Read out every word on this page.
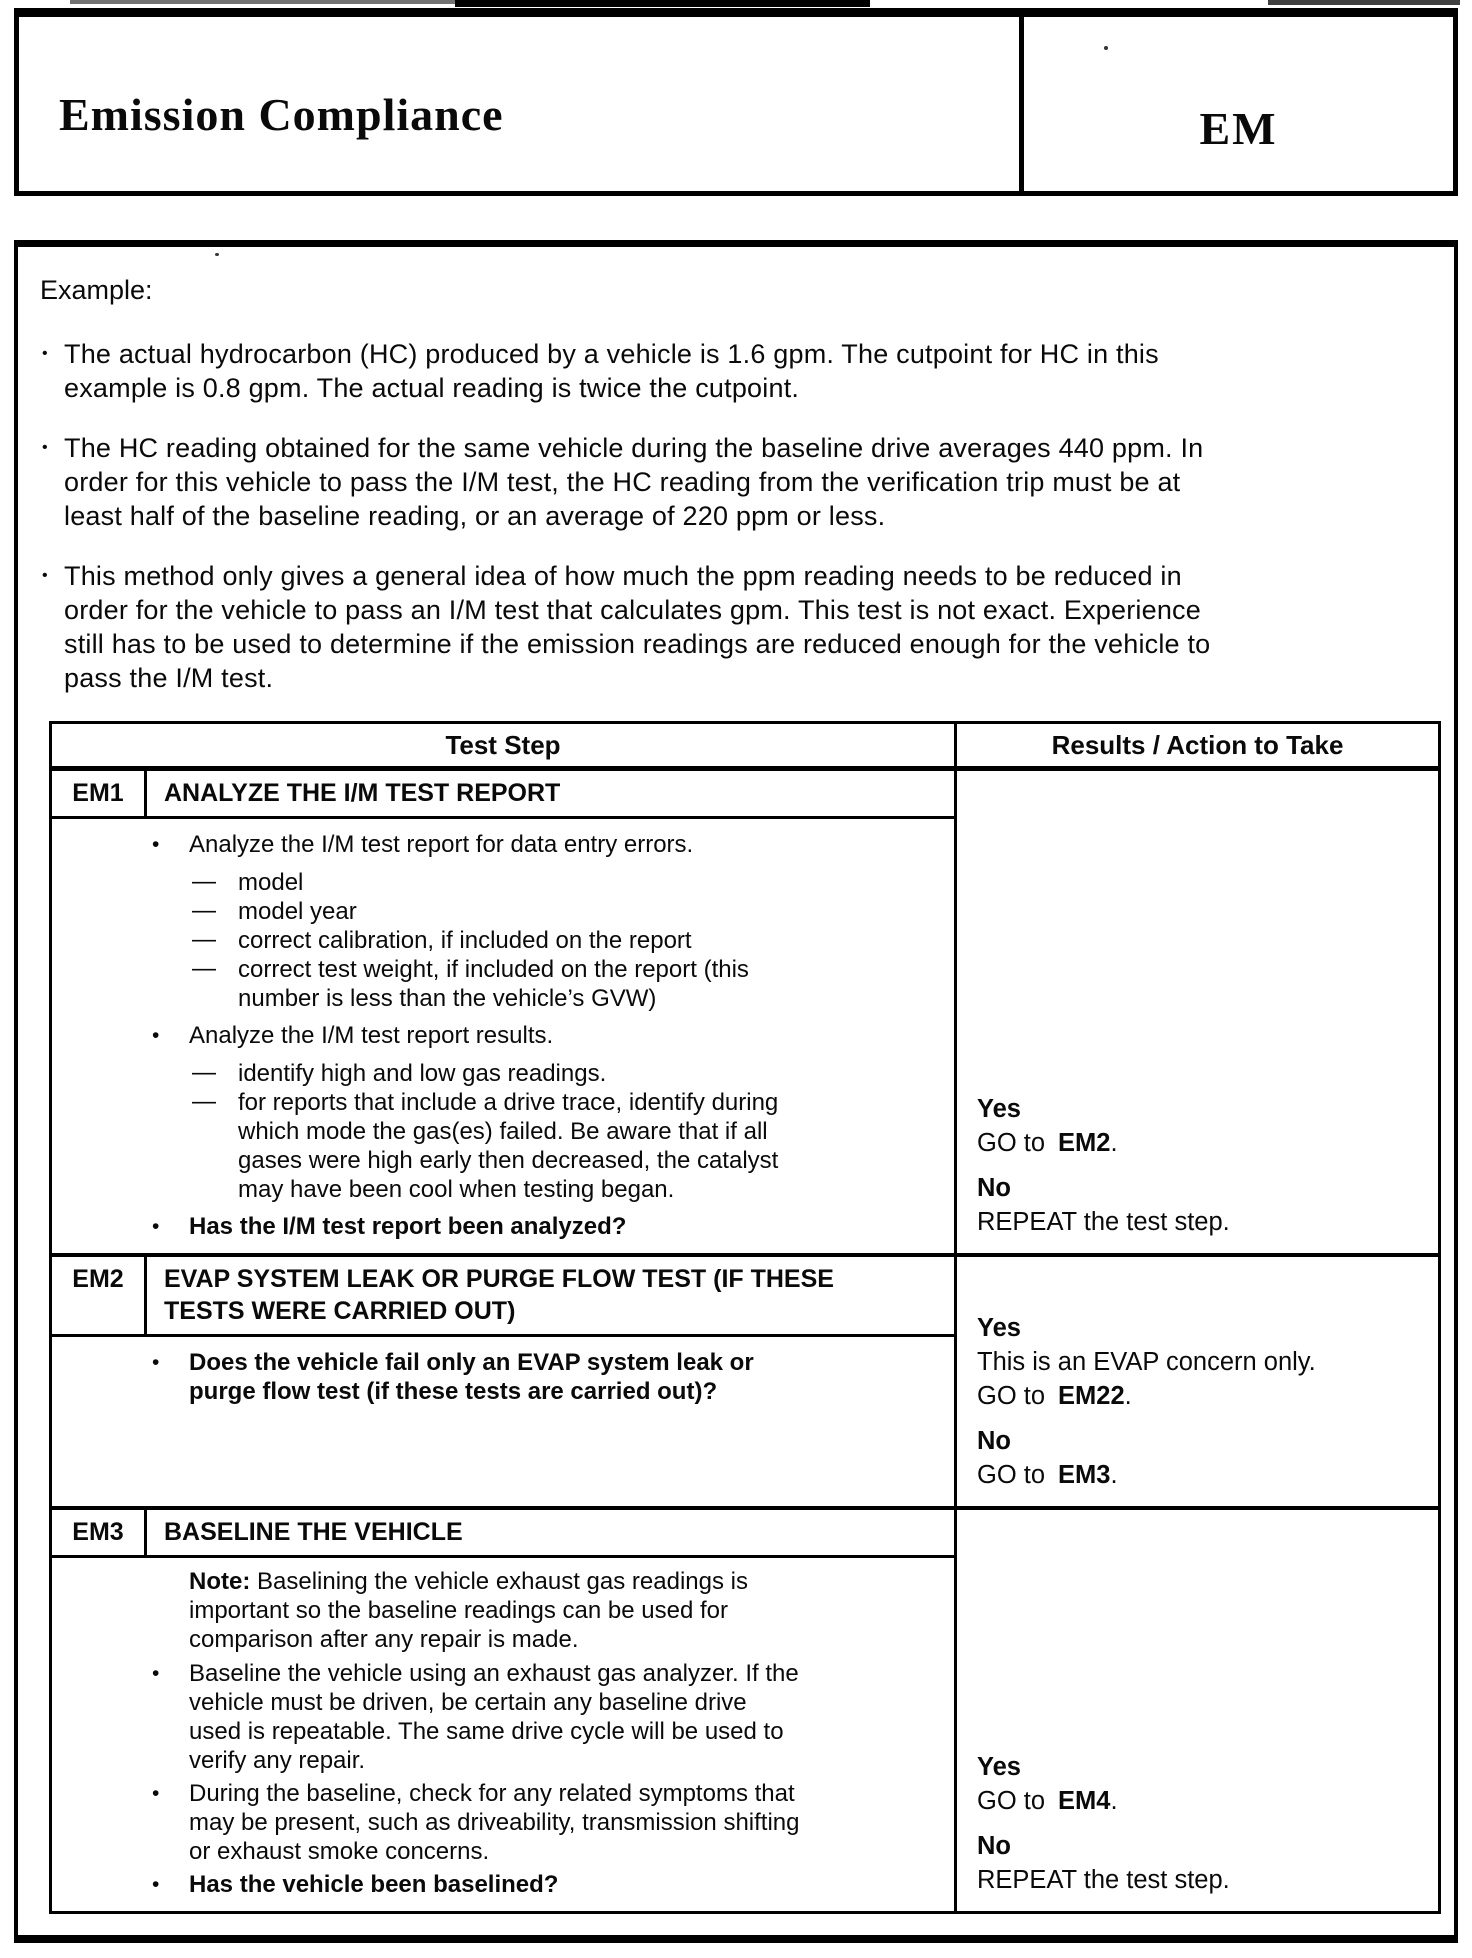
Emission Compliance	EM
Example:
• The actual hydrocarbon (HC) produced by a vehicle is 1.6 gpm. The cutpoint for HC in this
example is 0.8 gpm. The actual reading is twice the cutpoint.
• The HC reading obtained for the same vehicle during the baseline drive averages 440 ppm. In
order for this vehicle to pass the I/M test, the HC reading from the verification trip must be at
least half of the baseline reading, or an average of 220 ppm or less.
• This method only gives a general idea of how much the ppm reading needs to be reduced in
order for the vehicle to pass an I/M test that calculates gpm. This test is not exact. Experience
still has to be used to determine if the emission readings are reduced enough for the vehicle to
pass the I/M test.
Test Step	Results / Action to Take
EM1	ANALYZE THE I/M TEST REPORT
•	Analyze the I/M test report for data entry errors.
— model
— model year
— correct calibration, if included on the report
— correct test weight, if included on the report (this
number is less than the vehicle’s GVW)
•	Analyze the I/M test report results.
— identify high and low gas readings.
— for reports that include a drive trace, identify during
which mode the gas(es) failed. Be aware that if all
gases were high early then decreased, the catalyst
may have been cool when testing began.
•	Has the I/M test report been analyzed?
Yes
GO to EM2.
No
REPEAT the test step.
EM2	EVAP SYSTEM LEAK OR PURGE FLOW TEST (IF THESE
TESTS WERE CARRIED OUT)
•	Does the vehicle fail only an EVAP system leak or
purge flow test (if these tests are carried out)?
Yes
This is an EVAP concern only.
GO to EM22.
No
GO to EM3.
EM3	BASELINE THE VEHICLE
Note: Baselining the vehicle exhaust gas readings is
important so the baseline readings can be used for
comparison after any repair is made.
•	Baseline the vehicle using an exhaust gas analyzer. If the
vehicle must be driven, be certain any baseline drive
used is repeatable. The same drive cycle will be used to
verify any repair.
•	During the baseline, check for any related symptoms that
may be present, such as driveability, transmission shifting
or exhaust smoke concerns.
•	Has the vehicle been baselined?
Yes
GO to EM4.
No
REPEAT the test step.
